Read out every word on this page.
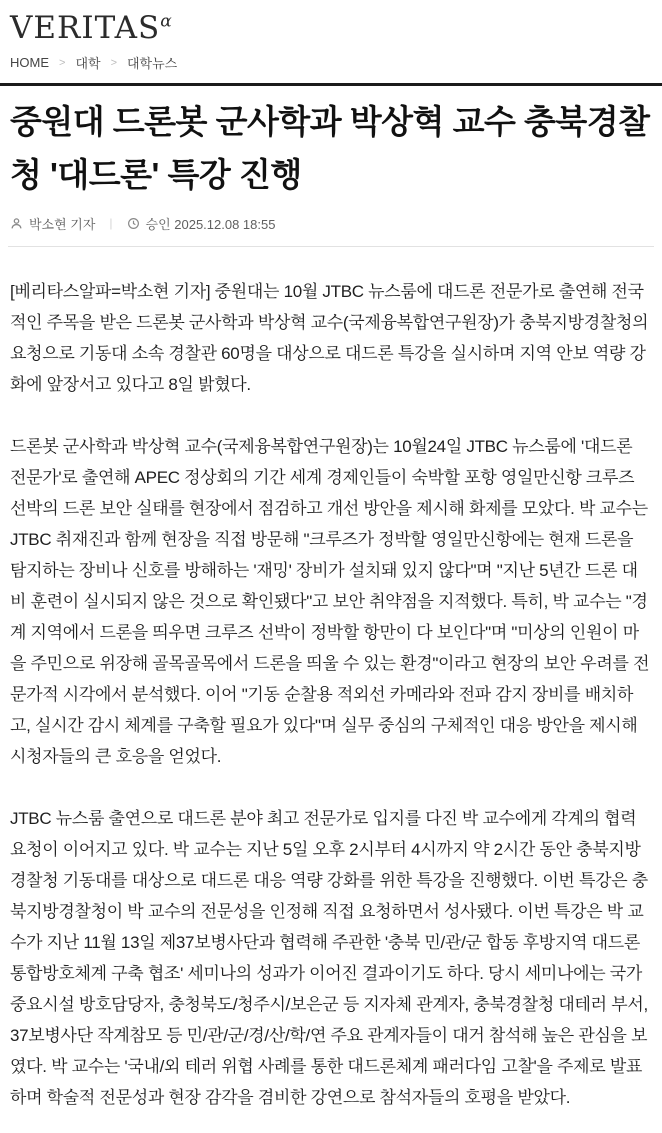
$VERITAS^\alpha$
HOME > 대학 > 대학뉴스
중원대 드론봇 군사학과 박상혁 교수 충북경찰청 '대드론' 특강 진행
박소현 기자 |	승인 2025.12.08 18:55

[베리타스알파=박소현 기자] 중원대는 10월 JTBC 뉴스룸에 대드론 전문가로 출연해 전국적인 주목을 받은 드론봇 군사학과 박상혁 교수(국제융복합연구원장)가 충북지방경찰청의 요청으로 기동대 소속 경찰관 60명을 대상으로 대드론 특강을 실시하며 지역 안보 역량 강화에 앞장서고 있다고 8일 밝혔다.

드론봇 군사학과 박상혁 교수(국제융복합연구원장)는 10월24일 JTBC 뉴스룸에 '대드론 전문가'로 출연해 APEC 정상회의 기간 세계 경제인들이 숙박할 포항 영일만신항 크루즈 선박의 드론 보안 실태를 현장에서 점검하고 개선 방안을 제시해 화제를 모았다. 박 교수는 JTBC 취재진과 함께 현장을 직접 방문해 "크루즈가 정박할 영일만신항에는 현재 드론을 탐지하는 장비나 신호를 방해하는 '재밍' 장비가 설치돼 있지 않다"며 "지난 5년간 드론 대비 훈련이 실시되지 않은 것으로 확인됐다"고 보안 취약점을 지적했다. 특히, 박 교수는 "경계 지역에서 드론을 띄우면 크루즈 선박이 정박할 항만이 다 보인다"며 "미상의 인원이 마을 주민으로 위장해 골목골목에서 드론을 띄울 수 있는 환경"이라고 현장의 보안 우려를 전문가적 시각에서 분석했다. 이어 "기동 순찰용 적외선 카메라와 전파 감지 장비를 배치하고, 실시간 감시 체계를 구축할 필요가 있다"며 실무 중심의 구체적인 대응 방안을 제시해 시청자들의 큰 호응을 얻었다.

JTBC 뉴스룸 출연으로 대드론 분야 최고 전문가로 입지를 다진 박 교수에게 각계의 협력 요청이 이어지고 있다. 박 교수는 지난 5일 오후 2시부터 4시까지 약 2시간 동안 충북지방경찰청 기동대를 대상으로 대드론 대응 역량 강화를 위한 특강을 진행했다. 이번 특강은 충북지방경찰청이 박 교수의 전문성을 인정해 직접 요청하면서 성사됐다. 이번 특강은 박 교수가 지난 11월 13일 제37보병사단과 협력해 주관한 '충북 민/관/군 합동 후방지역 대드론 통합방호체계 구축 협조' 세미나의 성과가 이어진 결과이기도 하다. 당시 세미나에는 국가중요시설 방호담당자, 충청북도/청주시/보은군 등 지자체 관계자, 충북경찰청 대테러 부서, 37보병사단 작계참모 등 민/관/군/경/산/학/연 주요 관계자들이 대거 참석해 높은 관심을 보였다. 박 교수는 '국내/외 테러 위협 사례를 통한 대드론체계 패러다임 고찰'을 주제로 발표하며 학술적 전문성과 현장 감각을 겸비한 강연으로 참석자들의 호평을 받았다.
